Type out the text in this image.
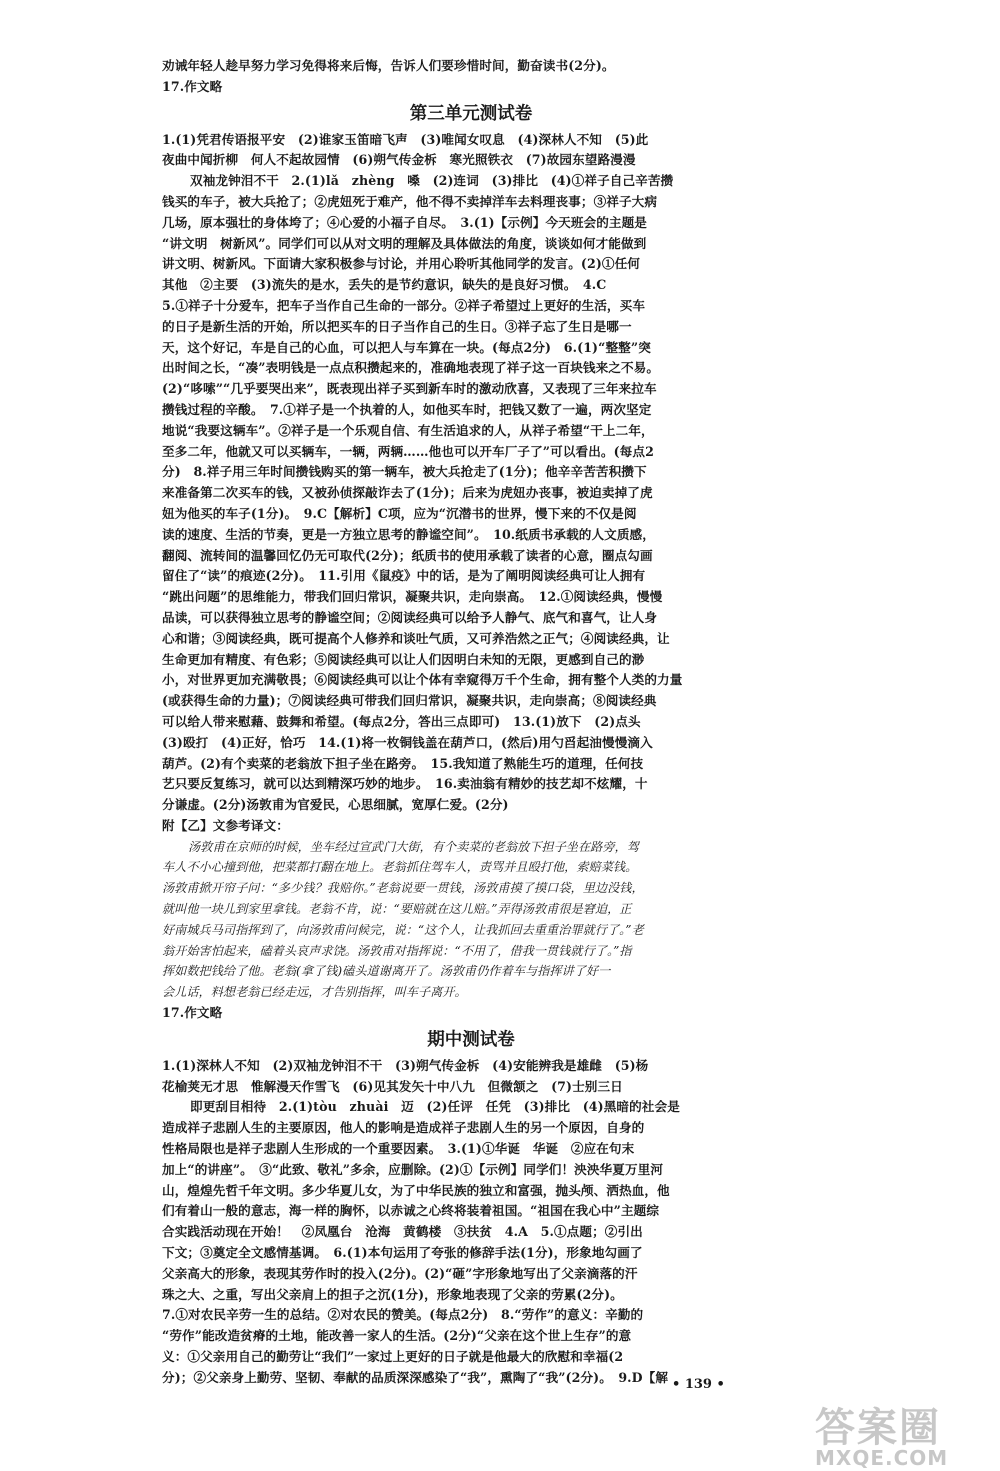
劝诫年轻人趁早努力学习免得将来后悔，告诉人们要珍惜时间，勤奋读书(2分)。

17.作文略

第三单元测试卷

1.(1)凭君传语报平安　(2)谁家玉笛暗飞声　(3)唯闻女叹息　(4)深林人不知　(5)此

夜曲中闻折柳　何人不起故园情　(6)朔气传金柝　寒光照铁衣　(7)故园东望路漫漫

双袖龙钟泪不干　2.(1)lǎ　zhèng　嗓　(2)连词　(3)排比　(4)①祥子自己辛苦攒

钱买的车子，被大兵抢了；②虎妞死于难产，他不得不卖掉洋车去料理丧事；③祥子大病

几场，原本强壮的身体垮了；④心爱的小福子自尽。　3.(1)【示例】今天班会的主题是

“讲文明　树新风”。同学们可以从对文明的理解及具体做法的角度，谈谈如何才能做到

讲文明、树新风。下面请大家积极参与讨论，并用心聆听其他同学的发言。(2)①任何

其他　②主要　(3)流失的是水，丢失的是节约意识，缺失的是良好习惯。　4.C

5.①祥子十分爱车，把车子当作自己生命的一部分。②祥子希望过上更好的生活，买车

的日子是新生活的开始，所以把买车的日子当作自己的生日。③祥子忘了生日是哪一

天，这个好记，车是自己的心血，可以把人与车算在一块。(每点2分)　6.(1)“整整”突

出时间之长，“凑”表明钱是一点点积攒起来的，准确地表现了祥子这一百块钱来之不易。

(2)“哆嗦”“几乎要哭出来”，既表现出祥子买到新车时的激动欣喜，又表现了三年来拉车

攒钱过程的辛酸。　7.①祥子是一个执着的人，如他买车时，把钱又数了一遍，两次坚定

地说“我要这辆车”。②祥子是一个乐观自信、有生活追求的人，从祥子希望“干上二年，

至多二年，他就又可以买辆车，一辆，两辆……他也可以开车厂子了”可以看出。(每点2

分)　8.祥子用三年时间攒钱购买的第一辆车，被大兵抢走了(1分)；他辛辛苦苦积攒下

来准备第二次买车的钱，又被孙侦探敲诈去了(1分)；后来为虎妞办丧事，被迫卖掉了虎

妞为他买的车子(1分)。　9.C【解析】C项，应为“沉潜书的世界，慢下来的不仅是阅

读的速度、生活的节奏，更是一方独立思考的静谧空间”。　10.纸质书承载的人文质感，

翻阅、流转间的温馨回忆仍无可取代(2分)；纸质书的使用承载了读者的心意，圈点勾画

留住了“读”的痕迹(2分)。　11.引用《鼠疫》中的话，是为了阐明阅读经典可让人拥有

“跳出问题”的思维能力，带我们回归常识，凝聚共识，走向崇高。　12.①阅读经典，慢慢

品读，可以获得独立思考的静谧空间；②阅读经典可以给予人静气、底气和喜气，让人身

心和谐；③阅读经典，既可提高个人修养和谈吐气质，又可养浩然之正气；④阅读经典，让

生命更加有精度、有色彩；⑤阅读经典可以让人们因明白未知的无限，更感到自己的渺

小，对世界更加充满敬畏；⑥阅读经典可以让个体有幸窥得万千个生命，拥有整个人类的力量

(或获得生命的力量)；⑦阅读经典可带我们回归常识，凝聚共识，走向崇高；⑧阅读经典

可以给人带来慰藉、鼓舞和希望。(每点2分，答出三点即可)　13.(1)放下　(2)点头

(3)殴打　(4)正好，恰巧　14.(1)将一枚铜钱盖在葫芦口，(然后)用勺舀起油慢慢滴入

葫芦。(2)有个卖菜的老翁放下担子坐在路旁。　15.我知道了熟能生巧的道理，任何技

艺只要反复练习，就可以达到精深巧妙的地步。　16.卖油翁有精妙的技艺却不炫耀，十

分谦虚。(2分)汤敦甫为官爱民，心思细腻，宽厚仁爱。(2分)

附【乙】文参考译文：

汤敦甫在京师的时候，坐车经过宣武门大街，有个卖菜的老翁放下担子坐在路旁，驾

车人不小心撞到他，把菜都打翻在地上。老翁抓住驾车人，责骂并且殴打他，索赔菜钱。

汤敦甫掀开帘子问：“多少钱？我赔你。”老翁说要一贯钱，汤敦甫摸了摸口袋，里边没钱，

就叫他一块儿到家里拿钱。老翁不肯，说：“要赔就在这儿赔。”弄得汤敦甫很是窘迫，正

好南城兵马司指挥到了，向汤敦甫问候完，说：“这个人，让我抓回去重重治罪就行了。”老

翁开始害怕起来，磕着头哀声求饶。汤敦甫对指挥说：“不用了，借我一贯钱就行了。”指

挥如数把钱给了他。老翁(拿了钱)磕头道谢离开了。汤敦甫仍作着车与指挥讲了好一

会儿话，料想老翁已经走远，才告别指挥，叫车子离开。

17.作文略

期中测试卷

1.(1)深林人不知　(2)双袖龙钟泪不干　(3)朔气传金柝　(4)安能辨我是雄雌　(5)杨

花榆荚无才思　惟解漫天作雪飞　(6)见其发矢十中八九　但微颔之　(7)士别三日

即更刮目相待　2.(1)tòu　zhuài　迈　(2)任评　任凭　(3)排比　(4)黑暗的社会是

造成祥子悲剧人生的主要原因，他人的影响是造成祥子悲剧人生的另一个原因，自身的

性格局限也是祥子悲剧人生形成的一个重要因素。　3.(1)①华诞　华诞　②应在句末

加上“的讲座”。　③“此致、敬礼”多余，应删除。(2)①【示例】同学们！泱泱华夏万里河

山，煌煌先哲千年文明。多少华夏儿女，为了中华民族的独立和富强，抛头颅、洒热血，他

们有着山一般的意志，海一样的胸怀，以赤诚之心终将装着祖国。“祖国在我心中”主题综

合实践活动现在开始！　②凤凰台　沧海　黄鹤楼　③扶贫　4.A　5.①点题；②引出

下文；③奠定全文感情基调。　6.(1)本句运用了夸张的修辞手法(1分)，形象地勾画了

父亲高大的形象，表现其劳作时的投入(2分)。(2)“砸”字形象地写出了父亲滴落的汗

珠之大、之重，写出父亲肩上的担子之沉(1分)，形象地表现了父亲的劳累(2分)。

7.①对农民辛劳一生的总结。②对农民的赞美。(每点2分)　8.“劳作”的意义：辛勤的

“劳作”能改造贫瘠的土地，能改善一家人的生活。(2分)“父亲在这个世上生存”的意

义：①父亲用自己的勤劳让“我们”一家过上更好的日子就是他最大的欣慰和幸福(2

分)；②父亲身上勤劳、坚韧、奉献的品质深深感染了“我”，熏陶了“我”(2分)。　9.D【解 • 139 •
答案圈
MXQE.COM
